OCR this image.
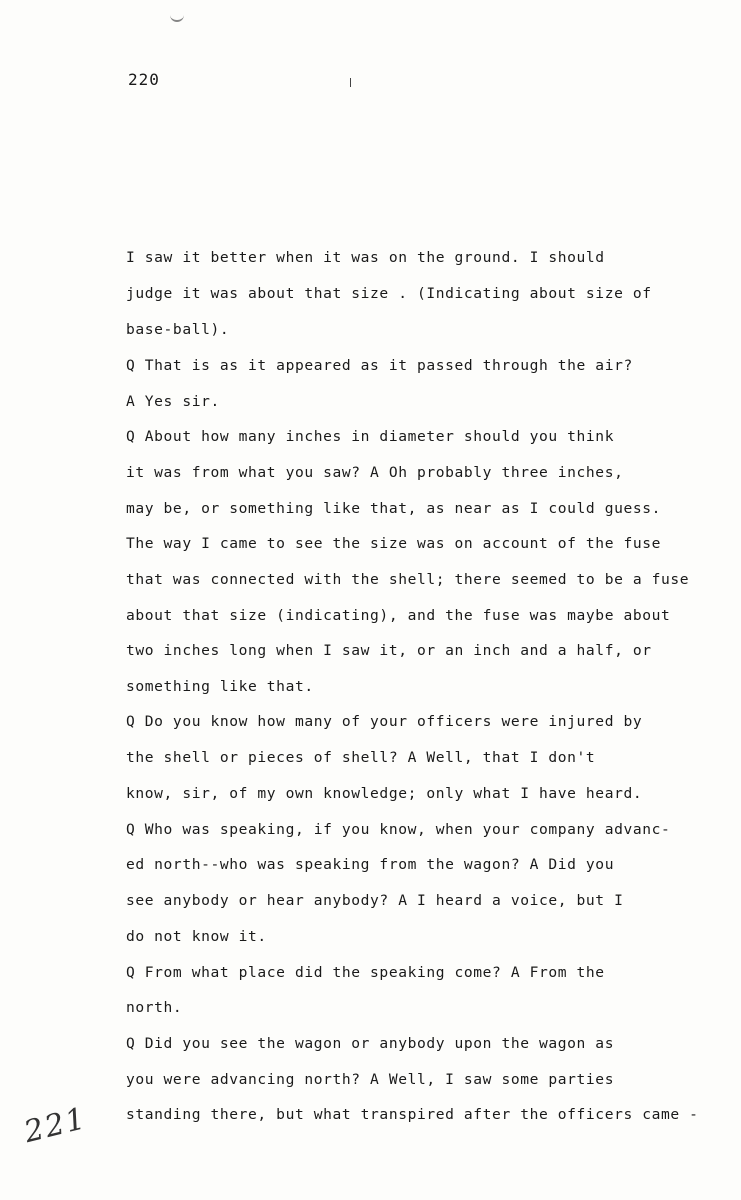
220
I saw it better when it was on the ground. I should
judge it was about that size . (Indicating about size of
base-ball).
Q That is as it appeared as it passed through the air?
A Yes sir.
Q About how many inches in diameter should you think
it was from what you saw? A Oh probably three inches,
may be, or something like that, as near as I could guess.
The way I came to see the size was on account of the fuse
that was connected with the shell; there seemed to be a fuse
about that size (indicating), and the fuse was maybe about
two inches long when I saw it, or an inch and a half, or
something like that.
Q Do you know how many of your officers were injured by
the shell or pieces of shell? A Well, that I don't
know, sir, of my own knowledge; only what I have heard.
Q Who was speaking, if you know, when your company advanc-
ed north--who was speaking from the wagon? A Did you
see anybody or hear anybody? A I heard a voice, but I
do not know it.
Q From what place did the speaking come? A From the
north.
Q Did you see the wagon or anybody upon the wagon as
you were advancing north? A Well, I saw some parties
standing there, but what transpired after the officers came -
221
